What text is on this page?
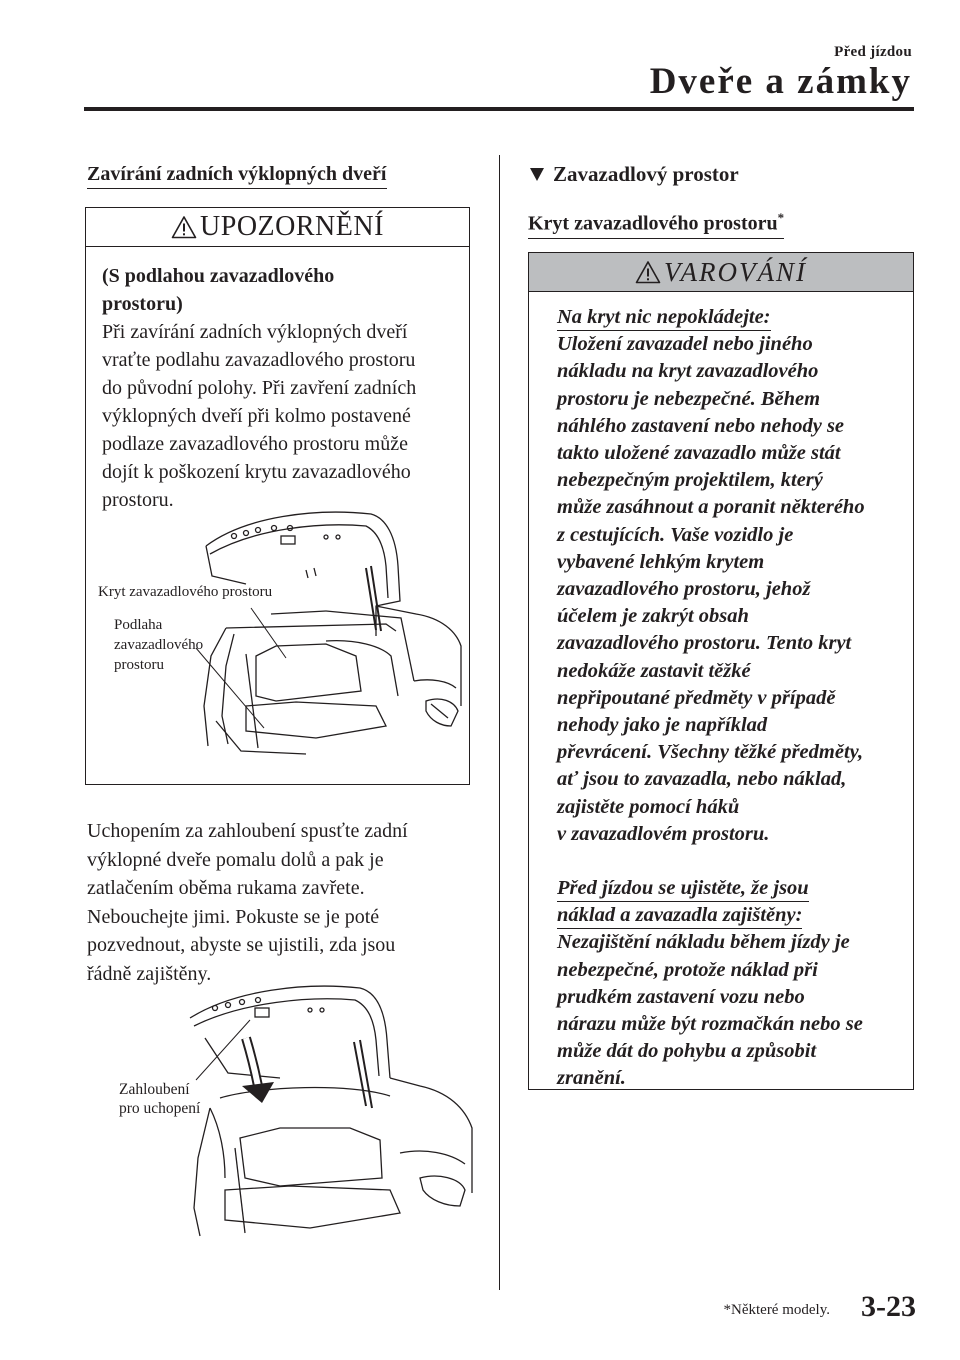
Před jízdou
Dveře a zámky
Zavírání zadních výklopných dveří
UPOZORNĚNÍ
(S podlahou zavazadlového
prostoru)
Při zavírání zadních výklopných dveří
vraťte podlahu zavazadlového prostoru
do původní polohy. Při zavření zadních
výklopných dveří při kolmo postavené
podlaze zavazadlového prostoru může
dojít k poškození krytu zavazadlového
prostoru.
Kryt zavazadlového prostoru
Podlaha
zavazadlového
prostoru
Uchopením za zahloubení spusťte zadní
výklopné dveře pomalu dolů a pak je
zatlačením oběma rukama zavřete.
Nebouchejte jimi. Pokuste se je poté
pozvednout, abyste se ujistili, zda jsou
řádně zajištěny.
Zahloubení
pro uchopení
Zavazadlový prostor
Kryt zavazadlového prostoru*
VAROVÁNÍ
Na kryt nic nepokládejte:
Uložení zavazadel nebo jiného
nákladu na kryt zavazadlového
prostoru je nebezpečné. Během
náhlého zastavení nebo nehody se
takto uložené zavazadlo může stát
nebezpečným projektilem, který
může zasáhnout a poranit některého
z cestujících. Vaše vozidlo je
vybavené lehkým krytem
zavazadlového prostoru, jehož
účelem je zakrýt obsah
zavazadlového prostoru. Tento kryt
nedokáže zastavit těžké
nepřipoutané předměty v případě
nehody jako je například
převrácení. Všechny těžké předměty,
ať jsou to zavazadla, nebo náklad,
zajistěte pomocí háků
v zavazadlovém prostoru.
Před jízdou se ujistěte, že jsou
náklad a zavazadla zajištěny:
Nezajištění nákladu během jízdy je
nebezpečné, protože náklad při
prudkém zastavení vozu nebo
nárazu může být rozmačkán nebo se
může dát do pohybu a způsobit
zranění.
*Některé modely. 3-23
